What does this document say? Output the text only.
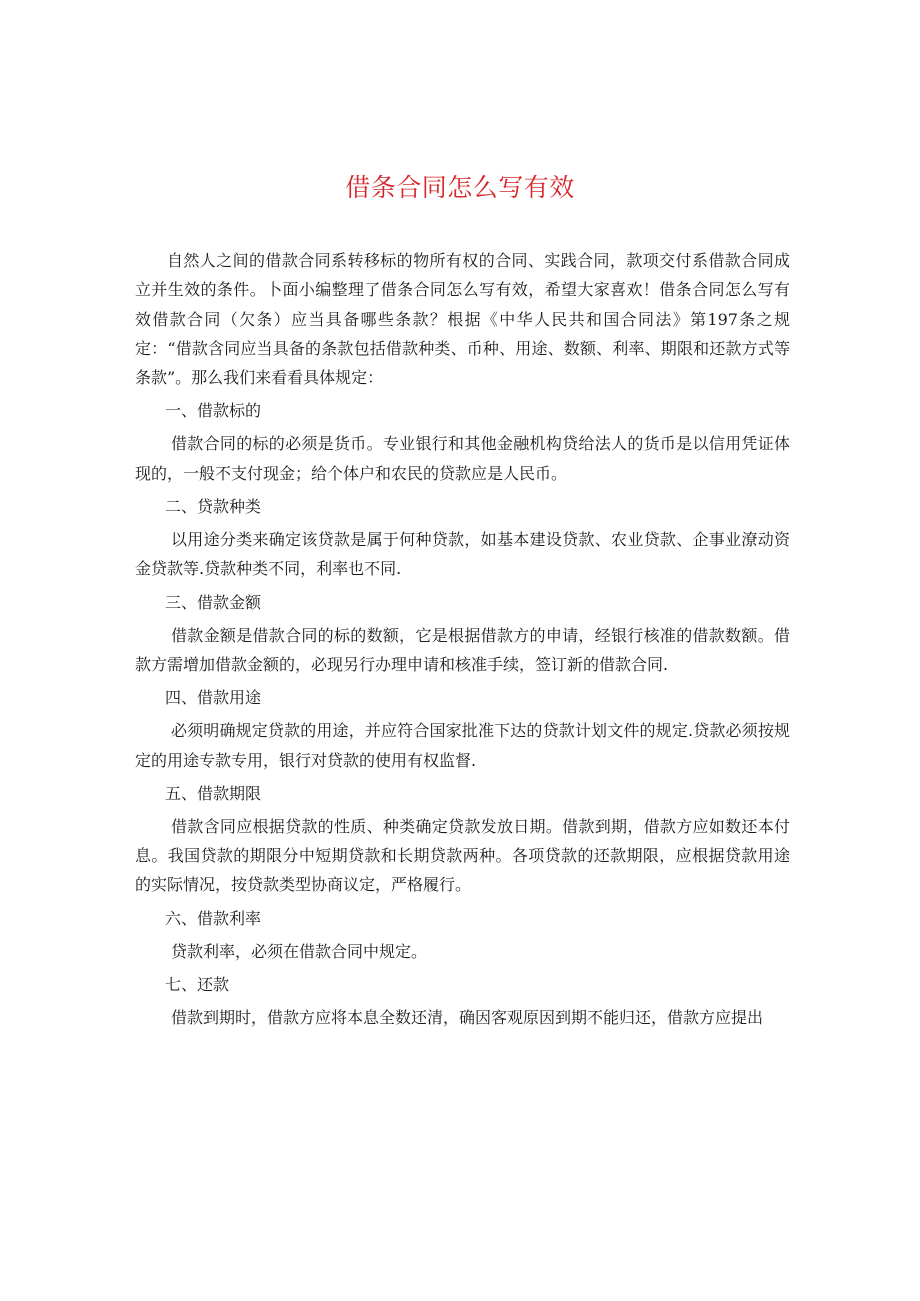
借条合同怎么写有效

自然人之间的借款合同系转移标的物所有权的合同、实践合同，款项交付系借款合同成立并生效的条件。卜面小编整理了借条合同怎么写有效，希望大家喜欢！借条合同怎么写有效借款合同（欠条）应当具备哪些条款？根据《中华人民共和国合同法》第197条之规定：“借款含同应当具备的条款包括借款种类、币种、用途、数额、利率、期限和还款方式等条款”。那么我们来看看具体规定：

一、借款标的

借款合同的标的必须是货币。专业银行和其他金融机构贷给法人的货币是以信用凭证体现的，一般不支付现金；给个体户和农民的贷款应是人民币。

二、贷款种类

以用途分类来确定该贷款是属于何种贷款，如基本建设贷款、农业贷款、企事业潦动资金贷款等.贷款种类不同，利率也不同.

三、借款金额

借款金额是借款合同的标的数额，它是根据借款方的申请，经银行核准的借款数额。借款方需增加借款金额的，必现另行办理申请和核准手续，签订新的借款合同.

四、借款用途

必须明确规定贷款的用途，并应符合国家批准下达的贷款计划文件的规定.贷款必须按规定的用途专款专用，银行对贷款的使用有权监督.

五、借款期限

借款含同应根据贷款的性质、种类确定贷款发放日期。借款到期，借款方应如数还本付息。我国贷款的期限分中短期贷款和长期贷款两种。各项贷款的还款期限，应根据贷款用途的实际情况，按贷款类型协商议定，严格履行。

六、借款利率

贷款利率，必须在借款合同中规定。

七、还款

借款到期时，借款方应将本息全数还清，确因客观原因到期不能归还，借款方应提出
